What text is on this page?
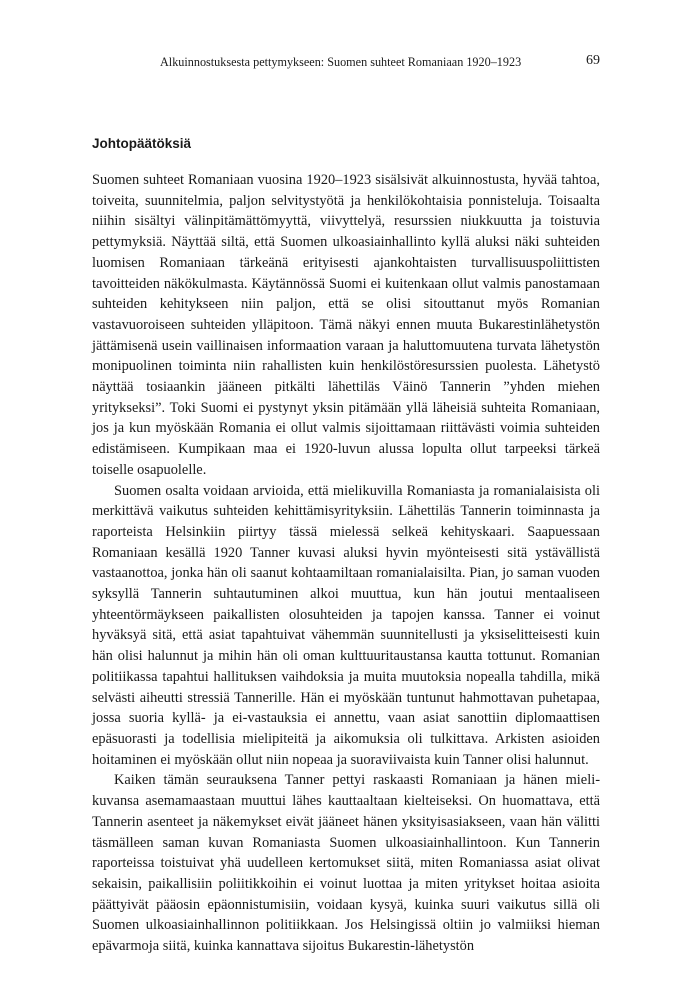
Alkuinnostuksesta pettymykseen: Suomen suhteet Romaniaan 1920–1923	69
Johtopäätöksiä

Suomen suhteet Romaniaan vuosina 1920–1923 sisälsivät alkuinnostusta, hyvää tahtoa, toiveita, suunnitelmia, paljon selvitystyötä ja henkilökohtaisia ponnisteluja. Toisaalta niihin sisältyi välinpitämättömyyttä, viivyttelyä, resurssien niukkuutta ja toistuvia pettymyksiä. Näyttää siltä, että Suomen ulkoasiainhallinto kyllä aluksi näki suhteiden luomisen Romaniaan tärkeänä erityisesti ajankohtaisten turvallisuuspoliittisten tavoitteiden näkökulmasta. Käytännössä Suomi ei kuitenkaan ollut valmis panostamaan suhteiden kehitykseen niin paljon, että se olisi sitouttanut myös Romanian vastavuoroiseen suhteiden ylläpitoon. Tämä näkyi ennen muuta Bukarestinlähetystön jättämisenä usein vaillinaisen informaation varaan ja haluttomuutena turvata lähetystön monipuolinen toiminta niin rahallisten kuin henkilöstöresurssien puolesta. Lähetystö näyttää tosiaankin jääneen pitkälti lähettiläs Väinö Tannerin ”yhden miehen yritykseksi”. Toki Suomi ei pystynyt yksin pitämään yllä läheisiä suhteita Romaniaan, jos ja kun myöskään Romania ei ollut valmis sijoittamaan riittävästi voimia suhteiden edistämiseen. Kumpikaan maa ei 1920-luvun alussa lopulta ollut tarpeeksi tärkeä toiselle osapuolelle.

Suomen osalta voidaan arvioida, että mielikuvilla Romaniasta ja romanialaisista oli merkittävä vaikutus suhteiden kehittämisyrityksiin. Lähettiläs Tannerin toiminnasta ja raporteista Helsinkiin piirtyy tässä mielessä selkeä kehityskaari. Saapuessaan Romaniaan kesällä 1920 Tanner kuvasi aluksi hyvin myönteisesti sitä ystävällistä vastaanottoa, jonka hän oli saanut kohtaamiltaan romanialaisilta. Pian, jo saman vuoden syksyllä Tannerin suhtautuminen alkoi muuttua, kun hän joutui mentaaliseen yhteentörmäykseen paikallisten olosuhteiden ja tapojen kanssa. Tanner ei voinut hyväksyä sitä, että asiat tapahtuivat vähemmän suunnitellusti ja yksiselitteisesti kuin hän olisi halunnut ja mihin hän oli oman kulttuuritaustansa kautta tottunut. Romanian politiikassa tapahtui hallituksen vaihdoksia ja muita muutoksia nopealla tahdilla, mikä selvästi aiheutti stressiä Tannerille. Hän ei myöskään tuntunut hahmottavan puhetapaa, jossa suoria kyllä- ja ei-vastauksia ei annettu, vaan asiat sanottiin diplomaattisen epäsuorasti ja todellisia mielipiteitä ja aikomuksia oli tulkittava. Arkisten asioiden hoitaminen ei myöskään ollut niin nopeaa ja suoraviivaista kuin Tanner olisi halunnut.

Kaiken tämän seurauksena Tanner pettyi raskaasti Romaniaan ja hänen mielikuvansa asemamaastaan muuttui lähes kauttaaltaan kielteiseksi. On huomattava, että Tannerin asenteet ja näkemykset eivät jääneet hänen yksityisasiakseen, vaan hän välitti täsmälleen saman kuvan Romaniasta Suomen ulkoasiainhallintoon. Kun Tannerin raporteissa toistuivat yhä uudelleen kertomukset siitä, miten Romaniassa asiat olivat sekaisin, paikallisiin poliitikkoihin ei voinut luottaa ja miten yritykset hoitaa asioita päättyivät pääosin epäonnistumisiin, voidaan kysyä, kuinka suuri vaikutus sillä oli Suomen ulkoasiainhallinnon politiikkaan. Jos Helsingissä oltiin jo valmiiksi hieman epävarmoja siitä, kuinka kannattava sijoitus Bukarestin-lähetystön
